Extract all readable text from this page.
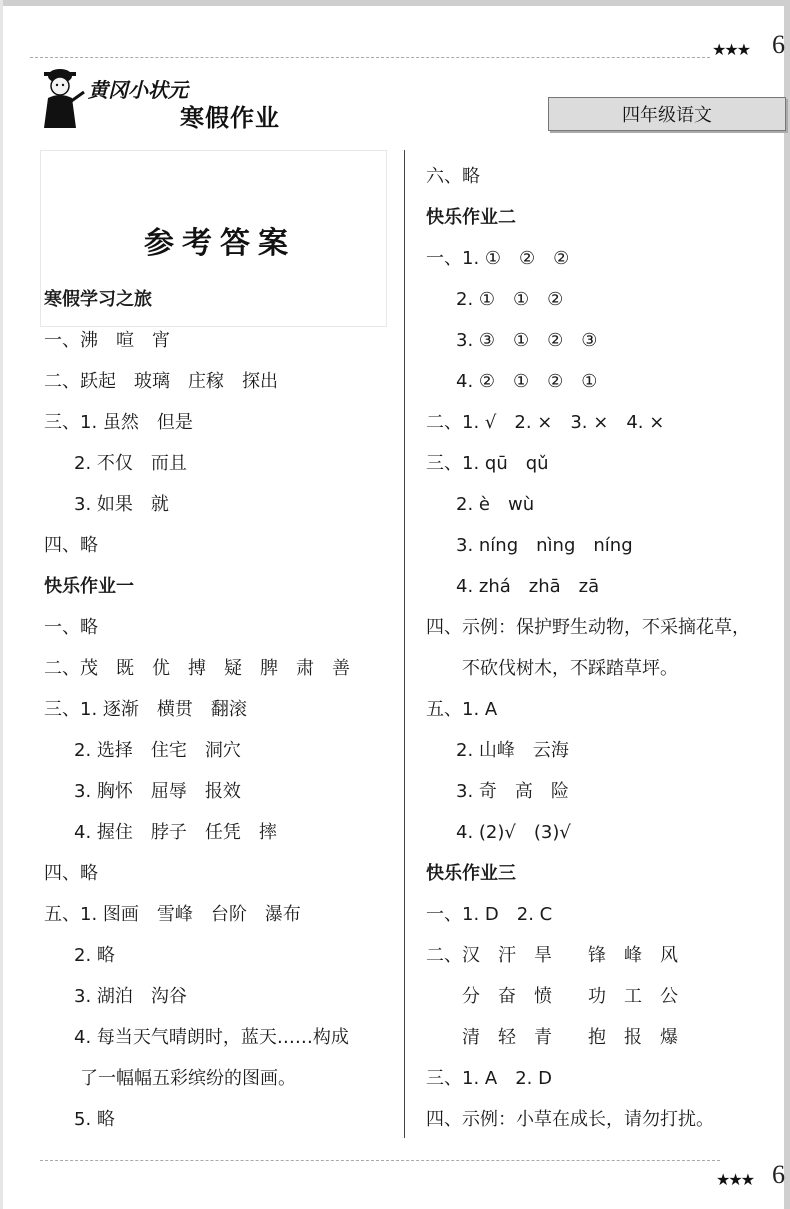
★★★ 6
黄冈小状元
寒假作业	四年级语文
参考答案
寒假学习之旅
一、沸　喧　宵
二、跃起　玻璃　庄稼　探出
三、1. 虽然　但是
2. 不仅　而且
3. 如果　就
四、略
快乐作业一
一、略
二、茂　既　优　搏　疑　脾　肃　善
三、1. 逐渐　横贯　翻滚
2. 选择　住宅　洞穴
3. 胸怀　屈辱　报效
4. 握住　脖子　任凭　摔
四、略
五、1. 图画　雪峰　台阶　瀑布
2. 略
3. 湖泊　沟谷
4. 每当天气晴朗时，蓝天……构成
了一幅幅五彩缤纷的图画。
5. 略
六、略
快乐作业二
一、1. ①　②　②
2. ①　①　②
3. ③　①　②　③
4. ②　①　②　①
二、1. √　2. ×　3. ×　4. ×
三、1. qū　qǔ
2. è　wù
3. níng　nìng　níng
4. zhá　zhā　zā
四、示例：保护野生动物，不采摘花草，
不砍伐树木，不踩踏草坪。
五、1. A
2. 山峰　云海
3. 奇　高　险
4. (2)√　(3)√
快乐作业三
一、1. D　2. C
二、汉　汗　旱　　锋　峰　风
分　奋　愤　　功　工　公
清　轻　青　　抱　报　爆
三、1. A　2. D
四、示例：小草在成长，请勿打扰。
★★★ 6
